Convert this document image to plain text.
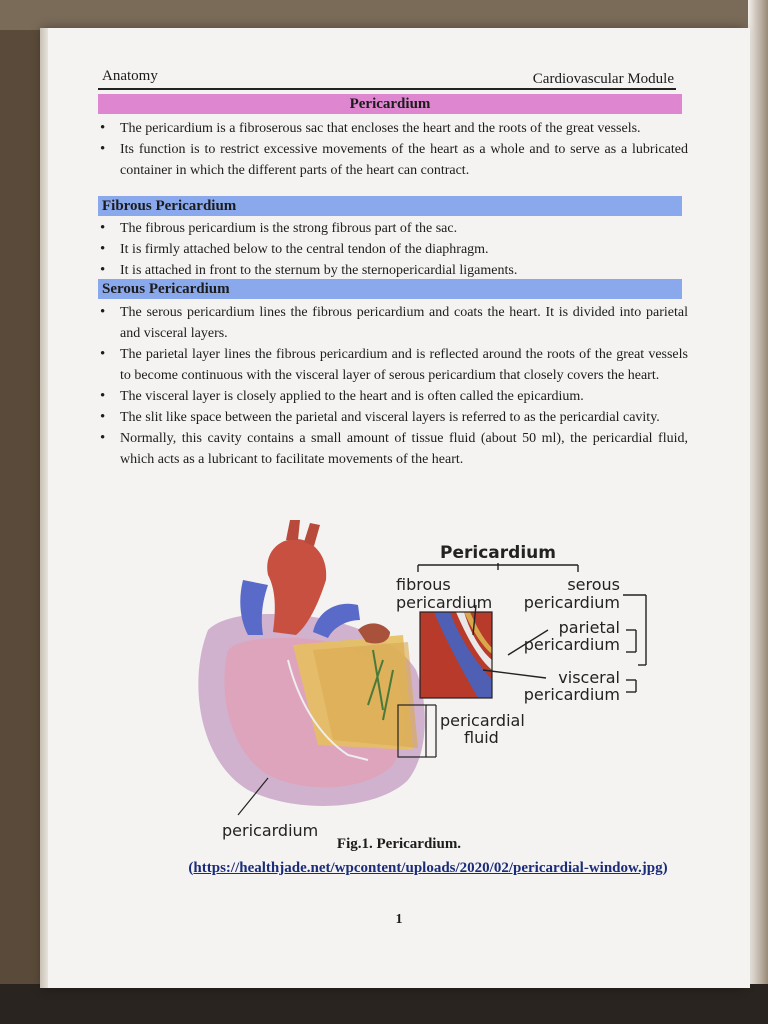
Anatomy	Cardiovascular Module
Pericardium
• The pericardium is a fibroserous sac that encloses the heart and the roots of the great vessels.
• Its function is to restrict excessive movements of the heart as a whole and to serve as a lubricated container in which the different parts of the heart can contract.
Fibrous Pericardium
• The fibrous pericardium is the strong fibrous part of the sac.
• It is firmly attached below to the central tendon of the diaphragm.
• It is attached in front to the sternum by the sternopericardial ligaments.
Serous Pericardium
• The serous pericardium lines the fibrous pericardium and coats the heart. It is divided into parietal and visceral layers.
• The parietal layer lines the fibrous pericardium and is reflected around the roots of the great vessels to become continuous with the visceral layer of serous pericardium that closely covers the heart.
• The visceral layer is closely applied to the heart and is often called the epicardium.
• The slit like space between the parietal and visceral layers is referred to as the pericardial cavity.
• Normally, this cavity contains a small amount of tissue fluid (about 50 ml), the pericardial fluid, which acts as a lubricant to facilitate movements of the heart.
Pericardium
fibrous
pericardium
serous
pericardium
parietal
pericardium
visceral
pericardium
pericardial
fluid
pericardium
Fig.1. Pericardium.
(https://healthjade.net/wpcontent/uploads/2020/02/pericardial-window.jpg)
1
